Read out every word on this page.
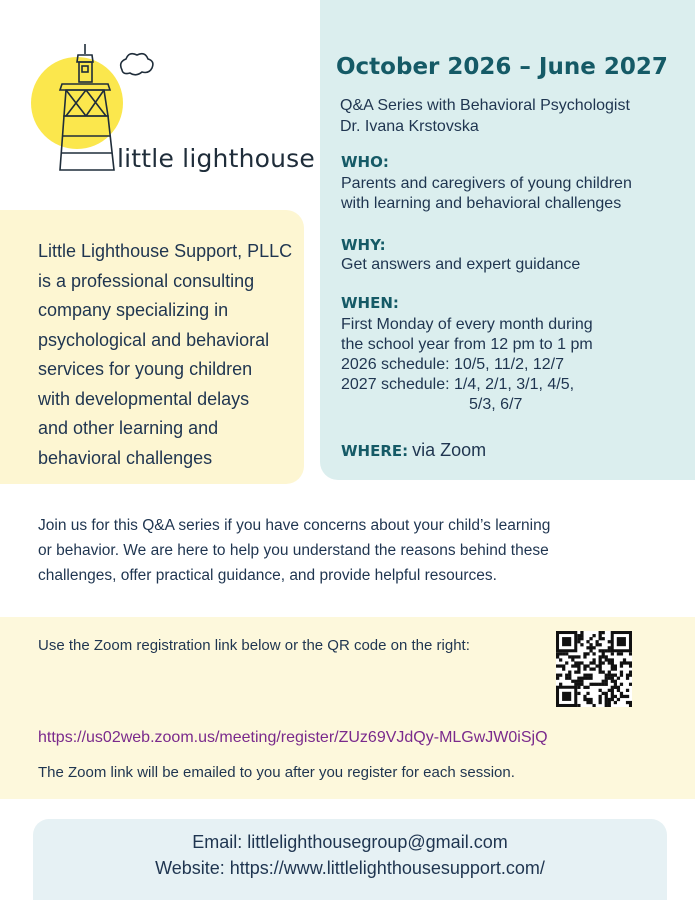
little lighthouse
October 2026 – June 2027
Q&A Series with Behavioral Psychologist
Dr. Ivana Krstovska
WHO:
Parents and caregivers of young children
with learning and behavioral challenges
WHY:
Get answers and expert guidance
WHEN:
First Monday of every month during
the school year from 12 pm to 1 pm
2026 schedule: 10/5, 11/2, 12/7
2027 schedule: 1/4, 2/1, 3/1, 4/5,
5/3, 6/7
WHERE: via Zoom
Little Lighthouse Support, PLLC
is a professional consulting
company specializing in
psychological and behavioral
services for young children
with developmental delays
and other learning and
behavioral challenges
Join us for this Q&A series if you have concerns about your child’s learning
or behavior. We are here to help you understand the reasons behind these
challenges, offer practical guidance, and provide helpful resources.
Use the Zoom registration link below or the QR code on the right:
https://us02web.zoom.us/meeting/register/ZUz69VJdQy-MLGwJW0iSjQ
The Zoom link will be emailed to you after you register for each session.
Email: littlelighthousegroup@gmail.com
Website: https://www.littlelighthousesupport.com/
